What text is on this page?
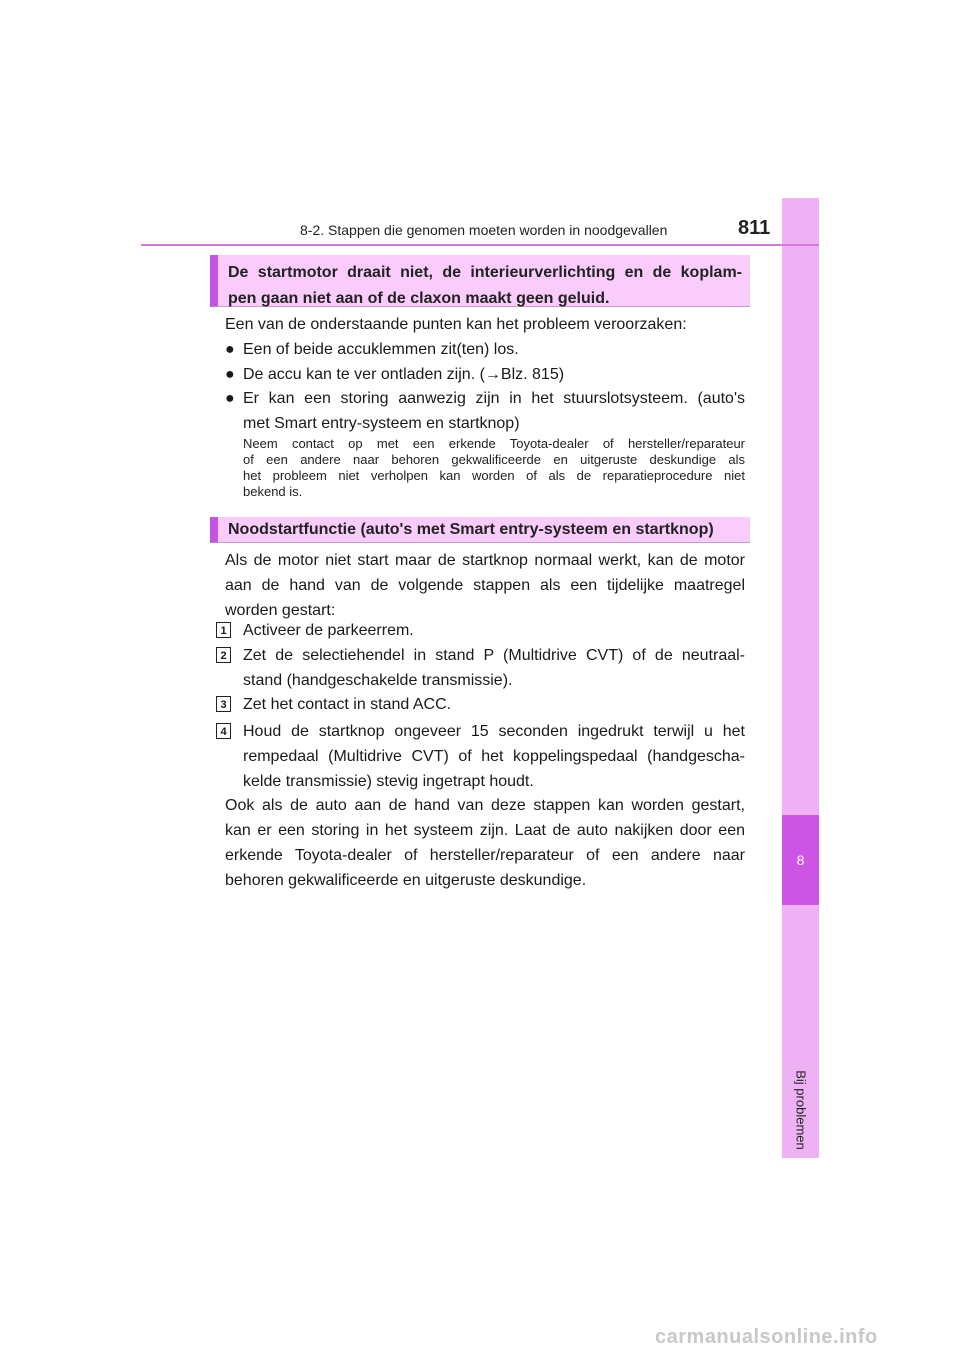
8
Bij problemen
8-2. Stappen die genomen moeten worden in noodgevallen	811
De startmotor draait niet, de interieurverlichting en de koplam-
pen gaan niet aan of de claxon maakt geen geluid.
Een van de onderstaande punten kan het probleem veroorzaken:
● Een of beide accuklemmen zit(ten) los.
● De accu kan te ver ontladen zijn. (→Blz. 815)
● Er kan een storing aanwezig zijn in het stuurslotsysteem. (auto's
met Smart entry-systeem en startknop)
Neem contact op met een erkende Toyota-dealer of hersteller/reparateur
of een andere naar behoren gekwalificeerde en uitgeruste deskundige als
het probleem niet verholpen kan worden of als de reparatieprocedure niet
bekend is.
Noodstartfunctie (auto's met Smart entry-systeem en startknop)
Als de motor niet start maar de startknop normaal werkt, kan de motor
aan de hand van de volgende stappen als een tijdelijke maatregel
worden gestart:
1 Activeer de parkeerrem.
2 Zet de selectiehendel in stand P (Multidrive CVT) of de neutraal-
stand (handgeschakelde transmissie).
3 Zet het contact in stand ACC.
4 Houd de startknop ongeveer 15 seconden ingedrukt terwijl u het
rempedaal (Multidrive CVT) of het koppelingspedaal (handgescha-
kelde transmissie) stevig ingetrapt houdt.
Ook als de auto aan de hand van deze stappen kan worden gestart,
kan er een storing in het systeem zijn. Laat de auto nakijken door een
erkende Toyota-dealer of hersteller/reparateur of een andere naar
behoren gekwalificeerde en uitgeruste deskundige.
carmanualsonline.info
